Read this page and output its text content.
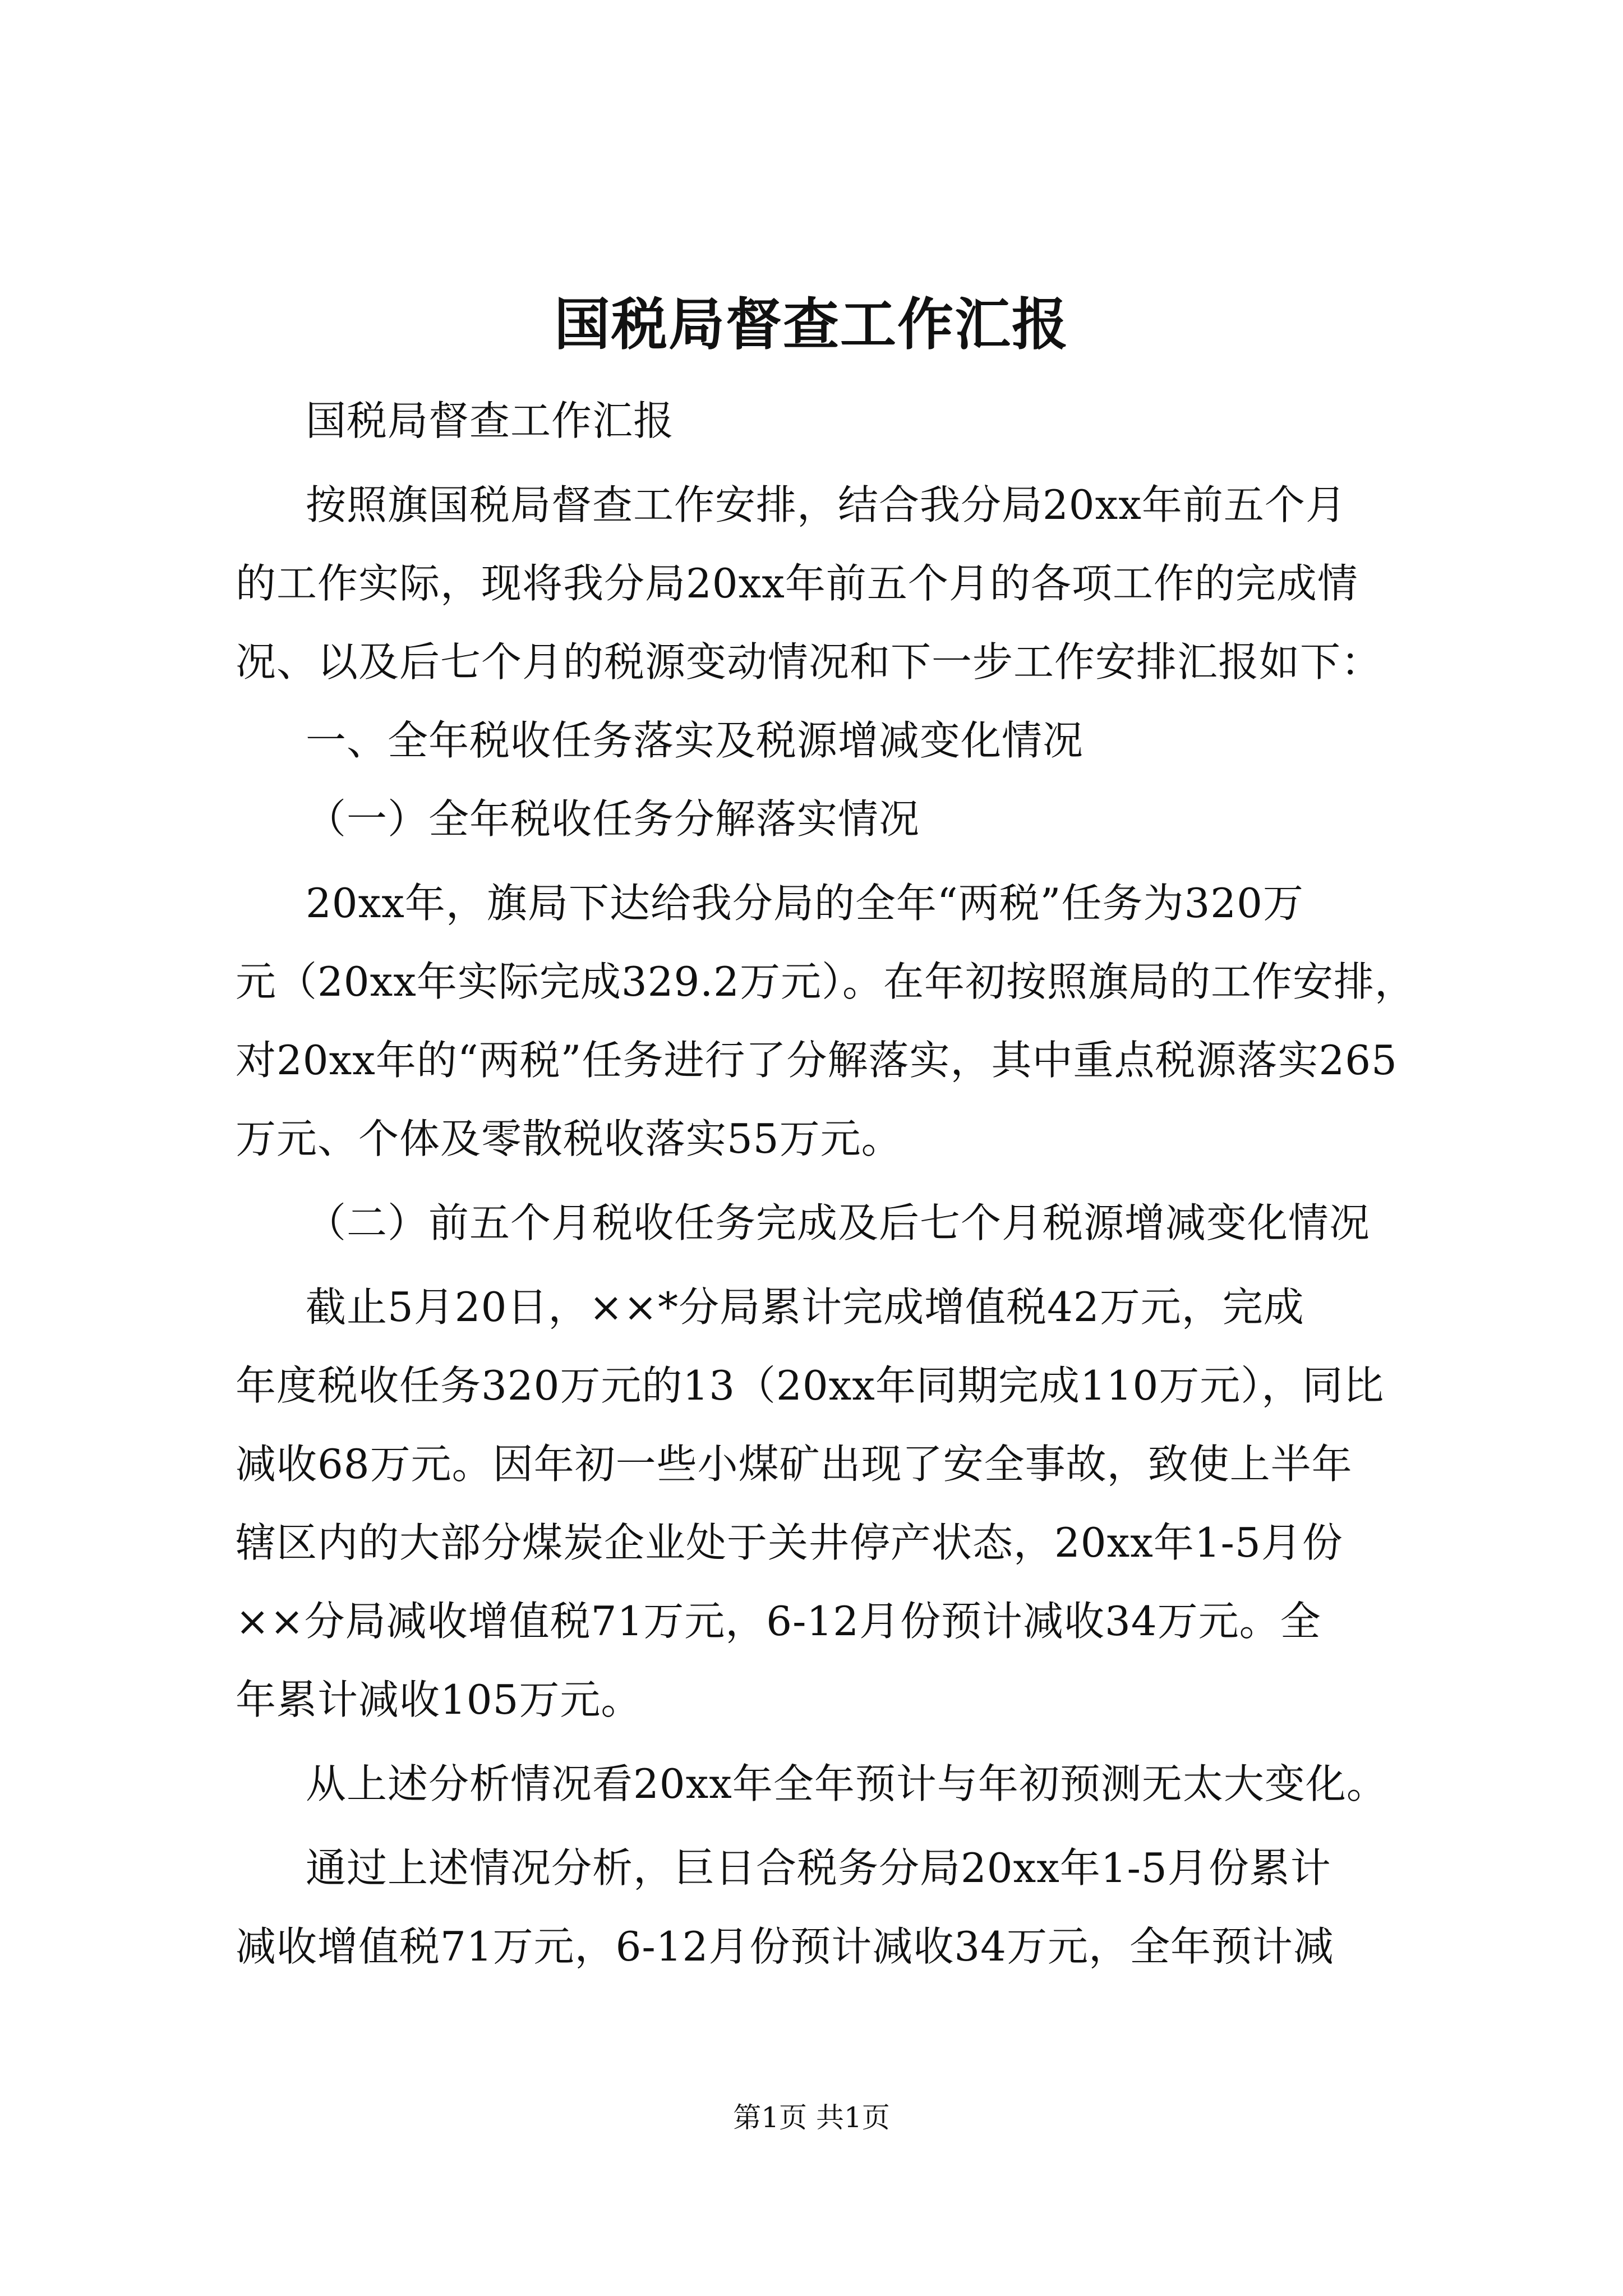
国税局督查工作汇报

国税局督查工作汇报

按照旗国税局督查工作安排，结合我分局20xx年前五个月

的工作实际，现将我分局20xx年前五个月的各项工作的完成情

况、以及后七个月的税源变动情况和下一步工作安排汇报如下：

一、全年税收任务落实及税源增减变化情况

（一）全年税收任务分解落实情况

20xx年，旗局下达给我分局的全年“两税”任务为320万

元（20xx年实际完成329.2万元）。在年初按照旗局的工作安排，

对20xx年的“两税”任务进行了分解落实，其中重点税源落实265

万元、个体及零散税收落实55万元。

（二）前五个月税收任务完成及后七个月税源增减变化情况

截止5月20日，××*分局累计完成增值税42万元，完成

年度税收任务320万元的13（20xx年同期完成110万元），同比

减收68万元。因年初一些小煤矿出现了安全事故，致使上半年

辖区内的大部分煤炭企业处于关井停产状态，20xx年1-5月份

××分局减收增值税71万元，6-12月份预计减收34万元。全

年累计减收105万元。

从上述分析情况看20xx年全年预计与年初预测无太大变化。

通过上述情况分析，巨日合税务分局20xx年1-5月份累计

减收增值税71万元，6-12月份预计减收34万元，全年预计减

第1页 共1页
